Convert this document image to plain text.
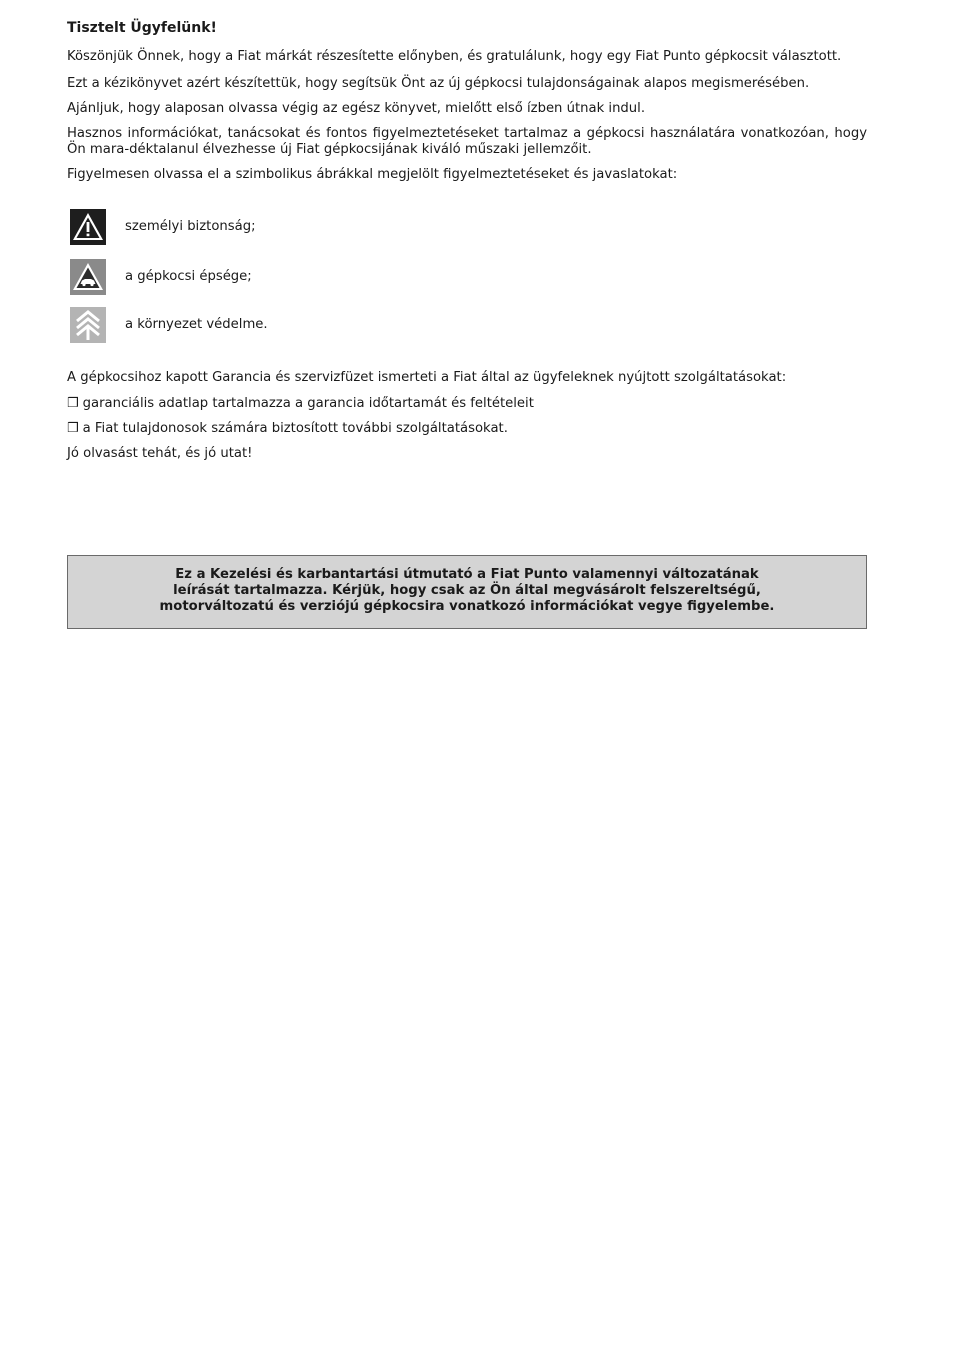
Tisztelt Ügyfelünk!

Köszönjük Önnek, hogy a Fiat márkát részesítette előnyben, és gratulálunk, hogy egy Fiat Punto gépkocsit választott.

Ezt a kézikönyvet azért készítettük, hogy segítsük Önt az új gépkocsi tulajdonságainak alapos megismerésében.

Ajánljuk, hogy alaposan olvassa végig az egész könyvet, mielőtt első ízben útnak indul.

Hasznos információkat, tanácsokat és fontos figyelmeztetéseket tartalmaz a gépkocsi használatára vonatkozóan, hogy Ön mara-déktalanul élvezhesse új Fiat gépkocsijának kiváló műszaki jellemzőit.

Figyelmesen olvassa el a szimbolikus ábrákkal megjelölt figyelmeztetéseket és javaslatokat:

személyi biztonság;
a gépkocsi épsége;
a környezet védelme.

A gépkocsihoz kapott Garancia és szervizfüzet ismerteti a Fiat által az ügyfeleknek nyújtott szolgáltatásokat:

❒ garanciális adatlap tartalmazza a garancia időtartamát és feltételeit

❒ a Fiat tulajdonosok számára biztosított további szolgáltatásokat.

Jó olvasást tehát, és jó utat!

Ez a Kezelési és karbantartási útmutató a Fiat Punto valamennyi változatának
leírását tartalmazza. Kérjük, hogy csak az Ön által megvásárolt felszereltségű,
motorváltozatú és verziójú gépkocsira vonatkozó információkat vegye figyelembe.
